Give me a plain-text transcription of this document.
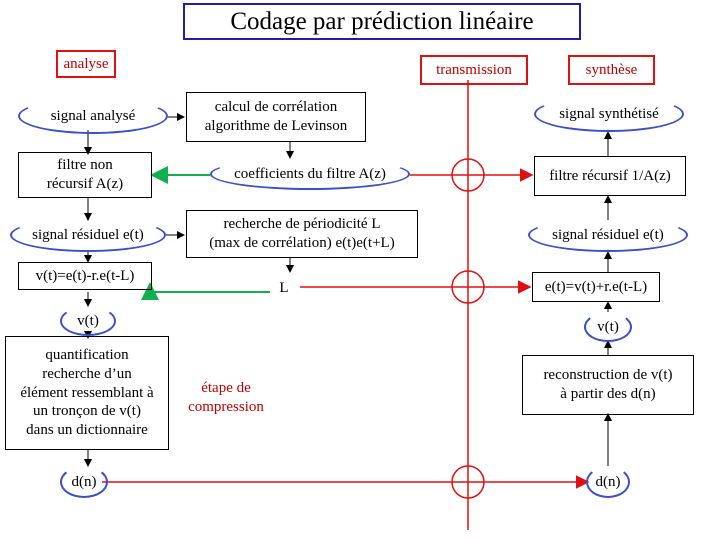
Codage par prédiction linéaire
analyse	transmission	synthèse
signal analysé
filtre non
récursif A(z)
signal résiduel e(t)
v(t)=e(t)-r.e(t-L)
v(t)
quantification
recherche d’un
élément ressemblant à
un tronçon de v(t)
dans un dictionnaire
d(n)
calcul de corrélation
algorithme de Levinson
coefficients du filtre A(z)
recherche de périodicité L
(max de corrélation) e(t)e(t+L)
L
étape de
compression
signal synthétisé
filtre récursif 1/A(z)
signal résiduel e(t)
e(t)=v(t)+r.e(t-L)
v(t)
reconstruction de v(t)
à partir des d(n)
d(n)
